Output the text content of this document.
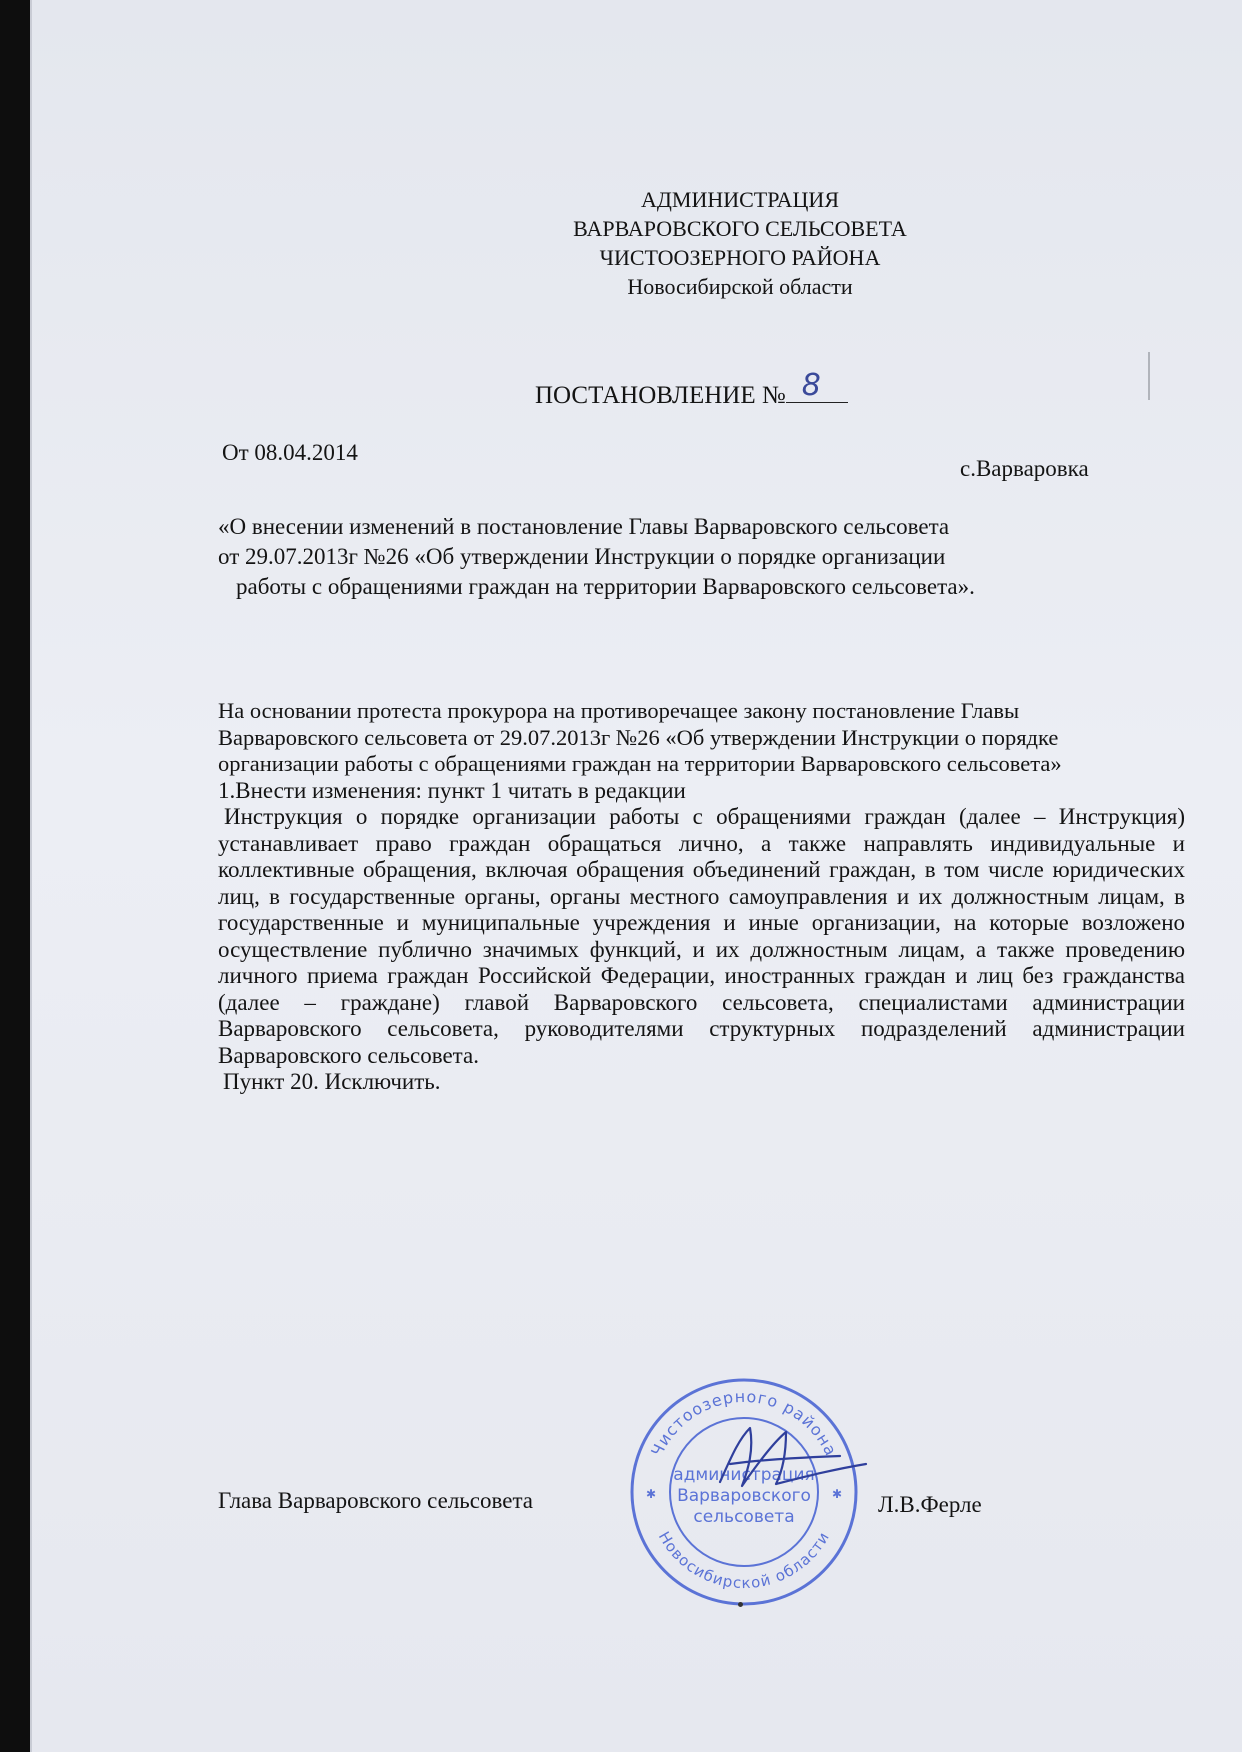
АДМИНИСТРАЦИЯ
ВАРВАРОВСКОГО СЕЛЬСОВЕТА
ЧИСТООЗЕРНОГО РАЙОНА
Новосибирской области
ПОСТАНОВЛЕНИЕ № 8
От 08.04.2014
с.Варваровка
«О внесении изменений в постановление Главы Варваровского сельсовета
от 29.07.2013г №26 «Об утверждении Инструкции о порядке организации
работы с обращениями граждан на территории Варваровского сельсовета».

На основании протеста прокурора на противоречащее закону постановление Главы Варваровского сельсовета от 29.07.2013г №26 «Об утверждении Инструкции о порядке организации работы с обращениями граждан на территории Варваровского сельсовета»

1.Внести изменения: пункт 1 читать в редакции

Инструкция о порядке организации работы с обращениями граждан (далее – Инструкция) устанавливает право граждан обращаться лично, а также направлять индивидуальные и коллективные обращения, включая обращения объединений граждан, в том числе юридических лиц, в государственные органы, органы местного самоуправления и их должностным лицам, в государственные и муниципальные учреждения и иные организации, на которые возложено осуществление публично значимых функций, и их должностным лицам, а также проведению личного приема граждан Российской Федерации, иностранных граждан и лиц без гражданства (далее – граждане) главой Варваровского сельсовета, специалистами администрации Варваровского сельсовета, руководителями структурных подразделений администрации Варваровского сельсовета.

Пункт 20. Исключить.

Глава Варваровского сельсовета	Л.В.Ферле
Чистоозерного района
Новосибирской области
администрация
Варваровского
сельсовета
✱	✱
